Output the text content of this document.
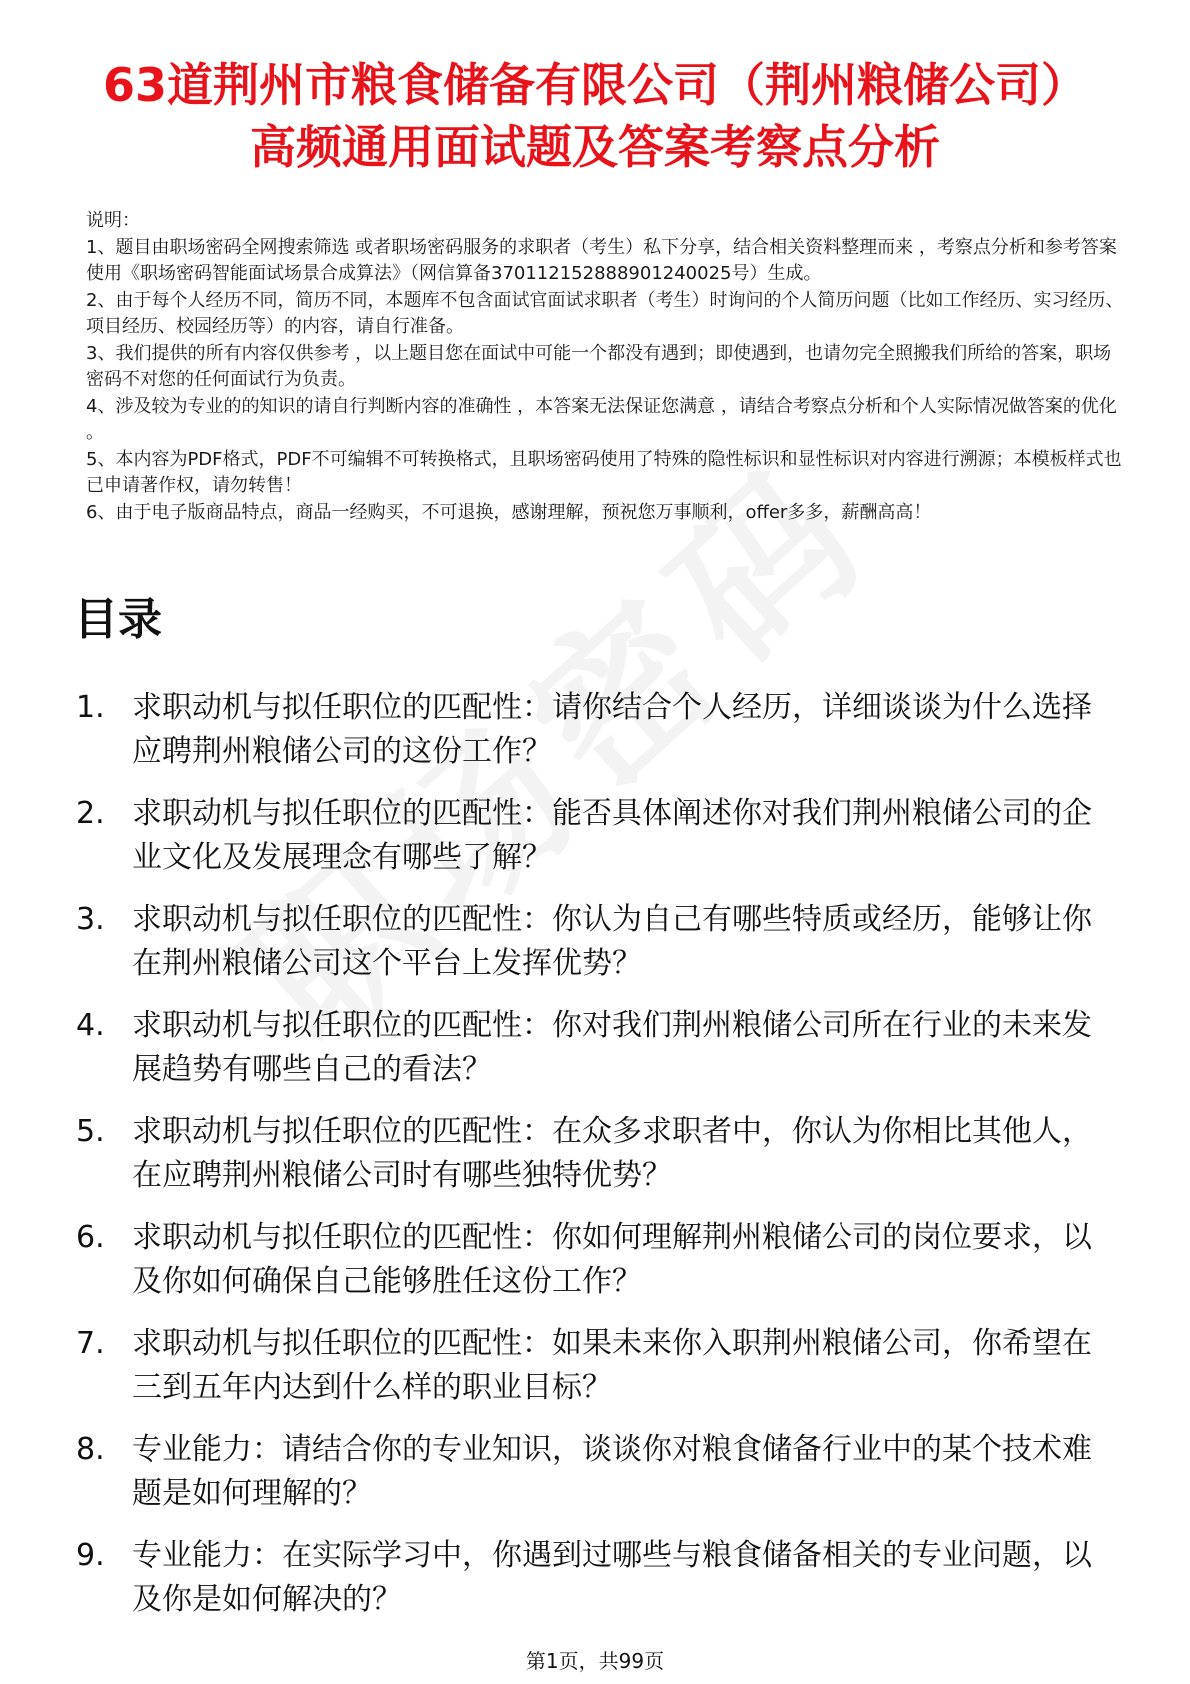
63道荆州市粮食储备有限公司（荆州粮储公司）高频通用面试题及答案考察点分析

说明：

1、题目由职场密码全网搜索筛选 或者职场密码服务的求职者（考生）私下分享，结合相关资料整理而来 ，考察点分析和参考答案使用《职场密码智能面试场景合成算法》（网信算备370112152888901240025号）生成。

2、由于每个人经历不同，简历不同，本题库不包含面试官面试求职者（考生）时询问的个人简历问题（比如工作经历、实习经历、项目经历、校园经历等）的内容，请自行准备。

3、我们提供的所有内容仅供参考 ，以上题目您在面试中可能一个都没有遇到；即使遇到，也请勿完全照搬我们所给的答案，职场密码不对您的任何面试行为负责。

4、涉及较为专业的的知识的请自行判断内容的准确性 ，本答案无法保证您满意 ，请结合考察点分析和个人实际情况做答案的优化 。

5、本内容为PDF格式，PDF不可编辑不可转换格式，且职场密码使用了特殊的隐性标识和显性标识对内容进行溯源；本模板样式也已申请著作权，请勿转售！

6、由于电子版商品特点，商品一经购买，不可退换，感谢理解，预祝您万事顺利，offer多多，薪酬高高！

目录
1. 求职动机与拟任职位的匹配性：请你结合个人经历，详细谈谈为什么选择应聘荆州粮储公司的这份工作？
2. 求职动机与拟任职位的匹配性：能否具体阐述你对我们荆州粮储公司的企业文化及发展理念有哪些了解？
3. 求职动机与拟任职位的匹配性：你认为自己有哪些特质或经历，能够让你在荆州粮储公司这个平台上发挥优势？
4. 求职动机与拟任职位的匹配性：你对我们荆州粮储公司所在行业的未来发展趋势有哪些自己的看法？
5. 求职动机与拟任职位的匹配性：在众多求职者中，你认为你相比其他人，在应聘荆州粮储公司时有哪些独特优势？
6. 求职动机与拟任职位的匹配性：你如何理解荆州粮储公司的岗位要求，以及你如何确保自己能够胜任这份工作？
7. 求职动机与拟任职位的匹配性：如果未来你入职荆州粮储公司，你希望在三到五年内达到什么样的职业目标？
8. 专业能力：请结合你的专业知识，谈谈你对粮食储备行业中的某个技术难题是如何理解的？
9. 专业能力：在实际学习中，你遇到过哪些与粮食储备相关的专业问题，以及你是如何解决的？
第1页，共99页
